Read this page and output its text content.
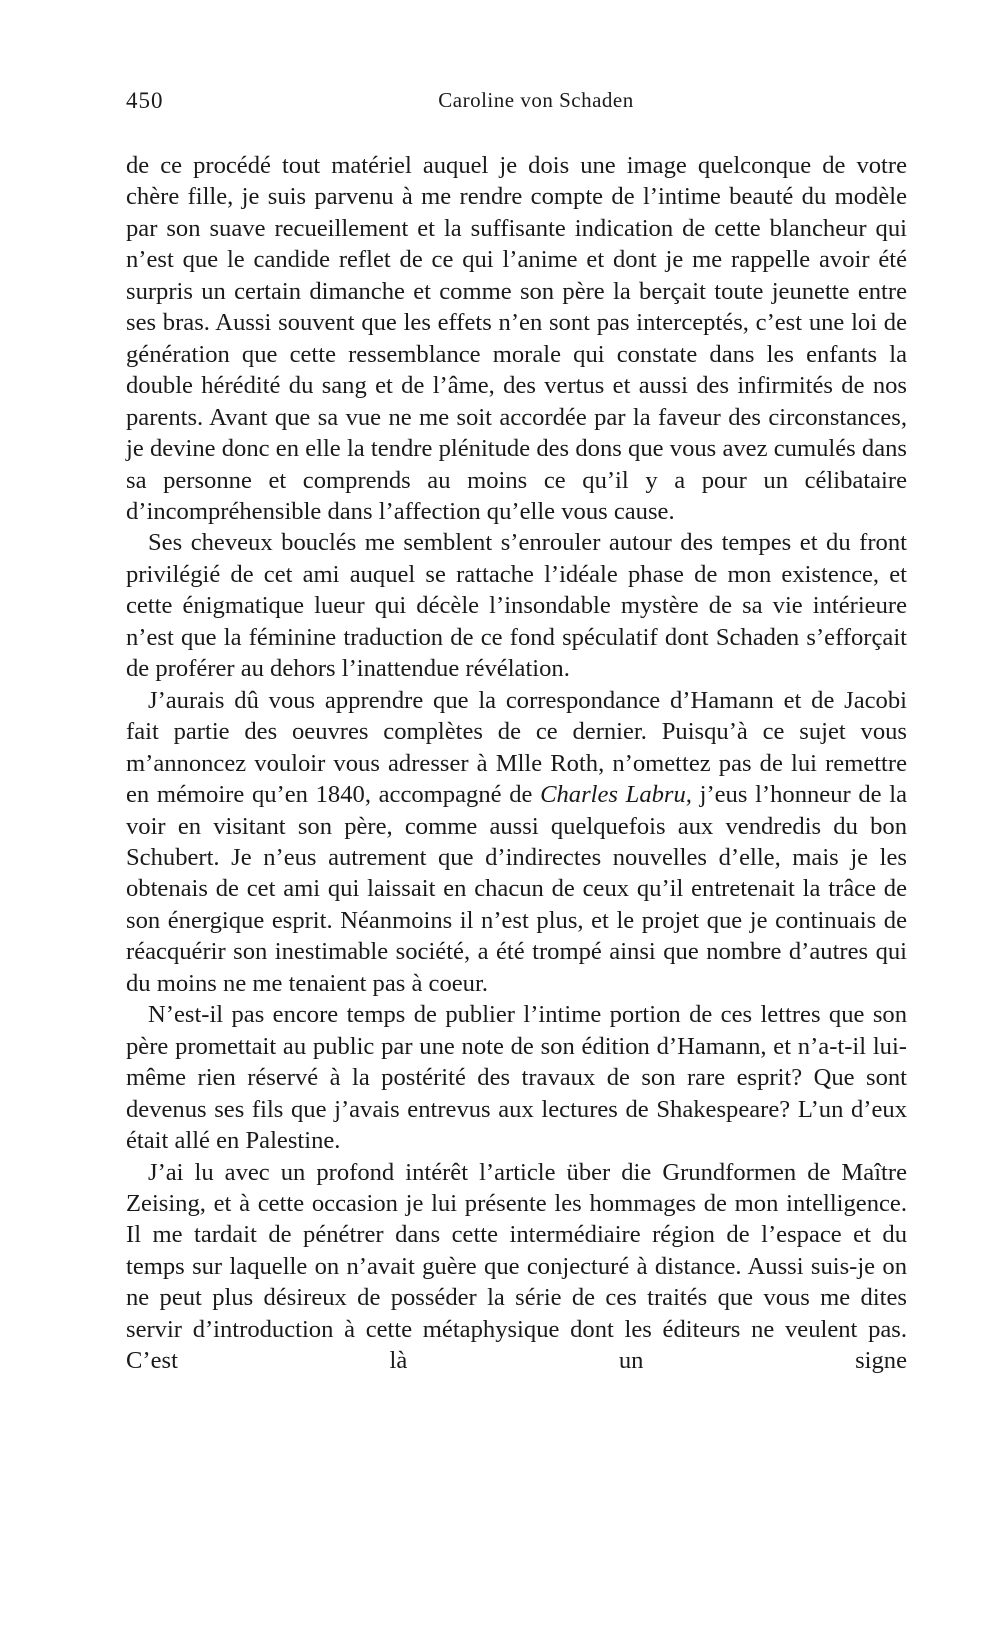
450	Caroline von Schaden

de ce procédé tout matériel auquel je dois une image quelconque de votre chère fille, je suis parvenu à me rendre compte de l’intime beauté du modèle par son suave recueillement et la suffisante indication de cette blancheur qui n’est que le candide reflet de ce qui l’anime et dont je me rappelle avoir été surpris un certain dimanche et comme son père la berçait toute jeunette entre ses bras. Aussi souvent que les effets n’en sont pas interceptés, c’est une loi de génération que cette ressemblance morale qui constate dans les enfants la double hérédité du sang et de l’âme, des vertus et aussi des infirmités de nos parents. Avant que sa vue ne me soit accordée par la faveur des circonstances, je devine donc en elle la tendre plénitude des dons que vous avez cumulés dans sa personne et comprends au moins ce qu’il y a pour un célibataire d’incompréhensible dans l’affection qu’elle vous cause.

Ses cheveux bouclés me semblent s’enrouler autour des tempes et du front privilégié de cet ami auquel se rattache l’idéale phase de mon existence, et cette énigmatique lueur qui décèle l’insondable mystère de sa vie intérieure n’est que la féminine traduction de ce fond spéculatif dont Schaden s’efforçait de proférer au dehors l’inattendue révélation.

J’aurais dû vous apprendre que la correspondance d’Hamann et de Jacobi fait partie des oeuvres complètes de ce dernier. Puisqu’à ce sujet vous m’annoncez vouloir vous adresser à Mlle Roth, n’omettez pas de lui remettre en mémoire qu’en 1840, accompagné de Charles Labru, j’eus l’honneur de la voir en visitant son père, comme aussi quelquefois aux vendredis du bon Schubert. Je n’eus autrement que d’indirectes nouvelles d’elle, mais je les obtenais de cet ami qui laissait en chacun de ceux qu’il entretenait la trâce de son énergique esprit. Néanmoins il n’est plus, et le projet que je continuais de réacquérir son inestimable société, a été trompé ainsi que nombre d’autres qui du moins ne me tenaient pas à coeur.

N’est-il pas encore temps de publier l’intime portion de ces lettres que son père promettait au public par une note de son édition d’Hamann, et n’a-t-il lui-même rien réservé à la postérité des travaux de son rare esprit? Que sont devenus ses fils que j’avais entrevus aux lectures de Shakespeare? L’un d’eux était allé en Palestine.

J’ai lu avec un profond intérêt l’article über die Grundformen de Maître Zeising, et à cette occasion je lui présente les hommages de mon intelligence. Il me tardait de pénétrer dans cette intermédiaire région de l’espace et du temps sur laquelle on n’avait guère que conjecturé à distance. Aussi suis-je on ne peut plus désireux de posséder la série de ces traités que vous me dites servir d’introduction à cette métaphysique dont les éditeurs ne veulent pas. C’est là un signe
